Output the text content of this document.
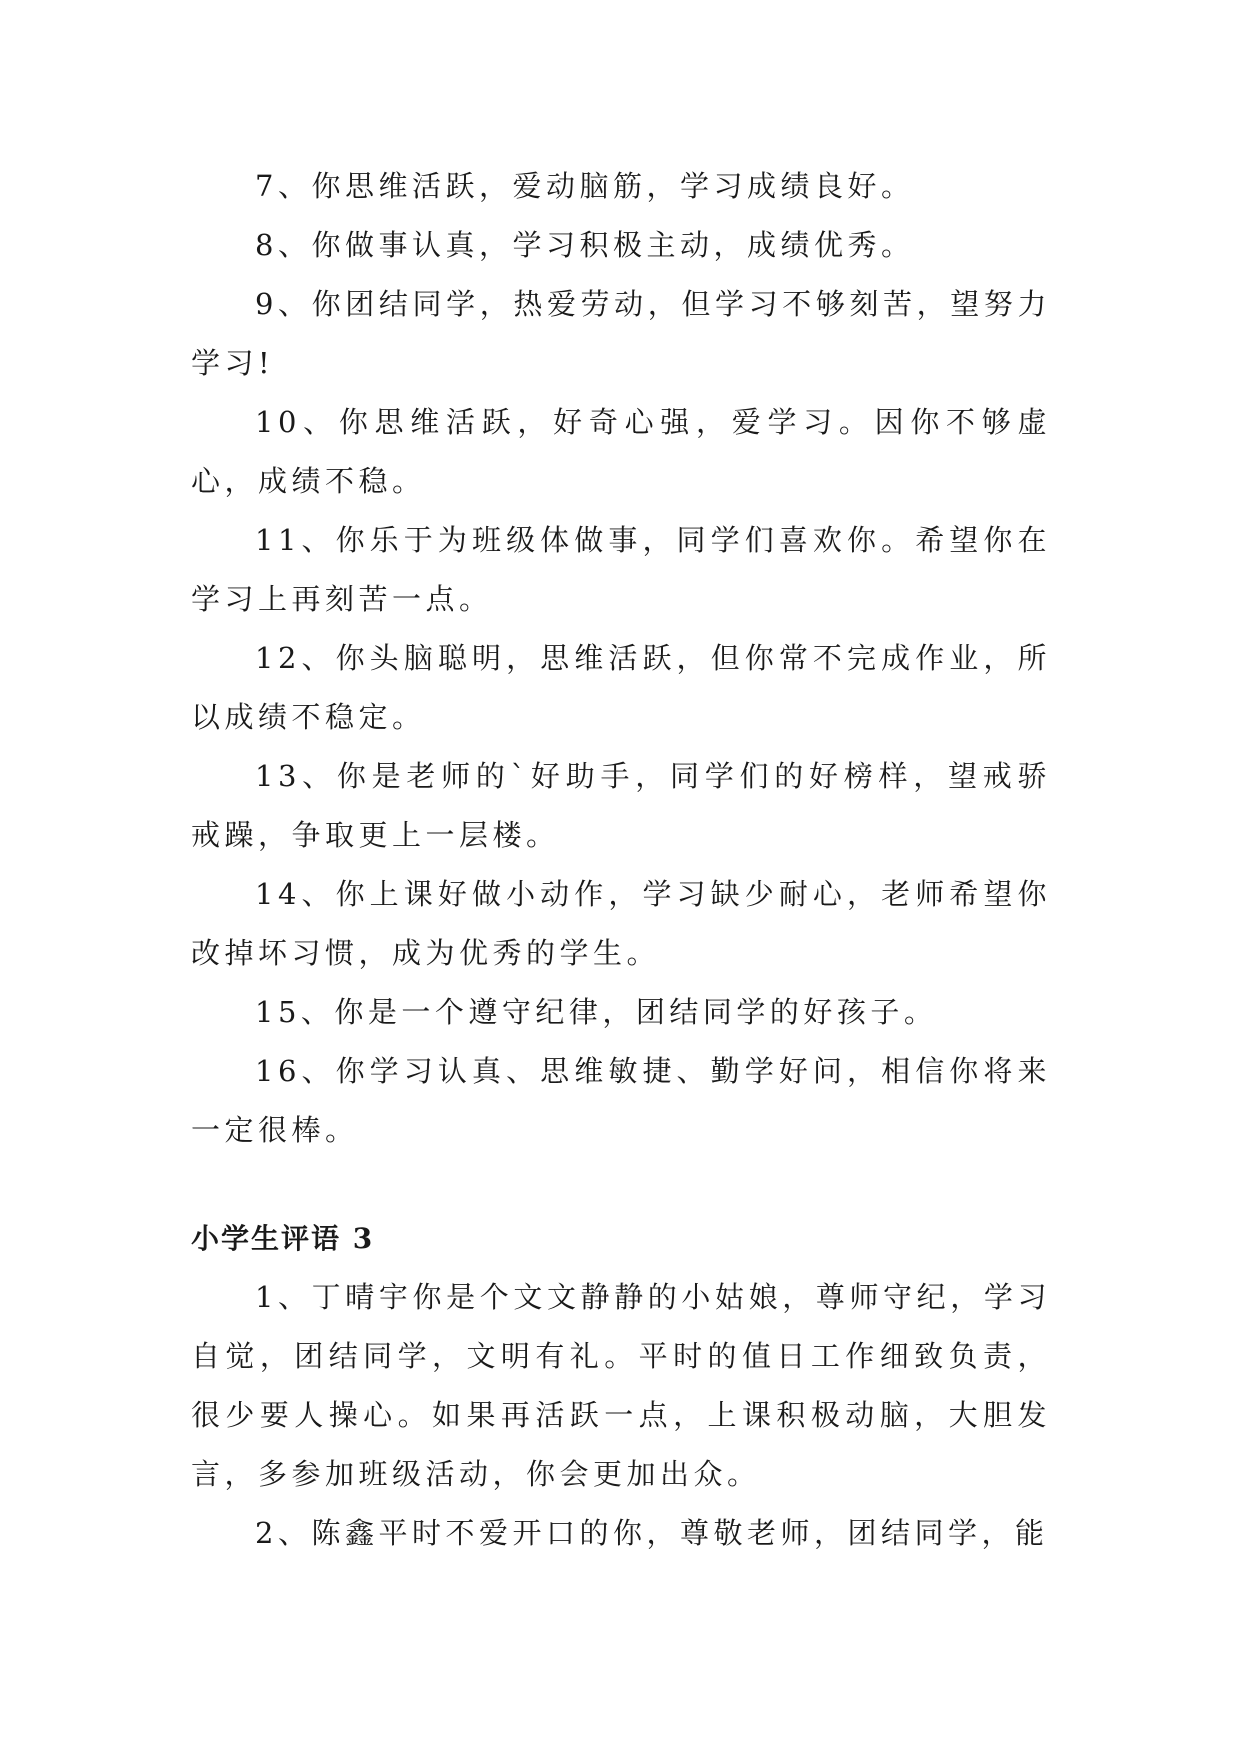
7、你思维活跃，爱动脑筋，学习成绩良好。

8、你做事认真，学习积极主动，成绩优秀。

9、你团结同学，热爱劳动，但学习不够刻苦，望努力学习!

10、你思维活跃，好奇心强，爱学习。因你不够虚心，成绩不稳。

11、你乐于为班级体做事，同学们喜欢你。希望你在学习上再刻苦一点。

12、你头脑聪明，思维活跃，但你常不完成作业，所以成绩不稳定。

13、你是老师的`好助手，同学们的好榜样，望戒骄戒躁，争取更上一层楼。

14、你上课好做小动作，学习缺少耐心，老师希望你改掉坏习惯，成为优秀的学生。

15、你是一个遵守纪律，团结同学的好孩子。

16、你学习认真、思维敏捷、勤学好问，相信你将来一定很棒。

小学生评语 3

1、丁晴宇你是个文文静静的小姑娘，尊师守纪，学习自觉，团结同学，文明有礼。平时的值日工作细致负责，很少要人操心。如果再活跃一点，上课积极动脑，大胆发言，多参加班级活动，你会更加出众。

2、陈鑫平时不爱开口的你，尊敬老师，团结同学，能
